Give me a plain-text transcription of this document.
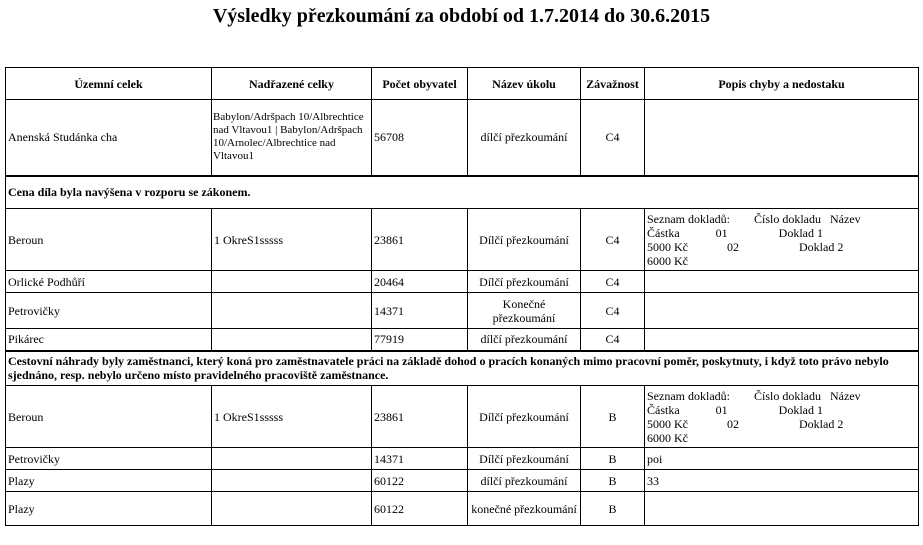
Výsledky přezkoumání za období od 1.7.2014 do 30.6.2015
Územní celek	Nadřazené celky	Počet obyvatel	Název úkolu	Závažnost	Popis chyby a nedostaku
Anenská Studánka cha	Babylon/Adršpach 10/Albrechtice nad Vltavou1 | Babylon/Adršpach 10/Arnolec/Albrechtice nad Vltavou1	56708	dílčí přezkoumání	C4	
Cena díla byla navýšena v rozporu se zákonem.					
Beroun	1 OkreS1sssss	23861	Dílčí přezkoumání	C4	Seznam dokladů:        Číslo dokladu   Název
Částka            01                 Doklad 1
5000 Kč             02                    Doklad 2
6000 Kč
Orlické Podhůří		20464	Dílčí přezkoumání	C4	
Petrovičky		14371	Konečné přezkoumání	C4	
Pikárec		77919	dílčí přezkoumání	C4	
Cestovní náhrady byly zaměstnanci, který koná pro zaměstnavatele práci na základě dohod o pracích konaných mimo pracovní poměr, poskytnuty, i když toto právo nebylo sjednáno, resp. nebylo určeno místo pravidelného pracoviště zaměstnance.					
Beroun	1 OkreS1sssss	23861	Dílčí přezkoumání	B	Seznam dokladů:        Číslo dokladu   Název
Částka            01                 Doklad 1
5000 Kč             02                    Doklad 2
6000 Kč
Petrovičky		14371	Dílčí přezkoumání	B	poi
Plazy		60122	dílčí přezkoumání	B	33
Plazy		60122	konečné přezkoumání	B	
